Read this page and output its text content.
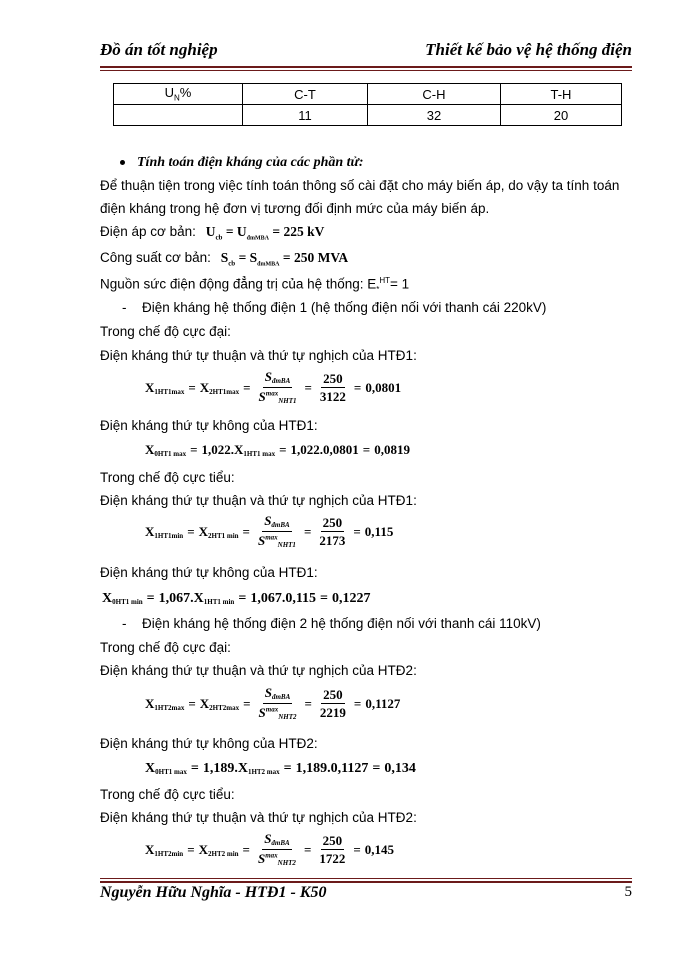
Đồ án tốt nghiệp	Thiết kế bảo vệ hệ thống điện
$U_N\%$	C-T	C-H	T-H
	11	32	20
Tính toán điện kháng của các phần tử:
Để thuận tiện trong việc tính toán thông số cài đặt cho máy biến áp, do vậy ta tính toán
điện kháng trong hệ đơn vị tương đối định mức của máy biến áp.
Điện áp cơ bản: $U_{cb} = U_{đmMBA} = 225$ kV
Công suất cơ bản: $S_{cb} = S_{đmMBA} = 250$ MVA
Nguồn sức điện động đẳng trị của hệ thống: $E_*^{HT}= 1$
- Điện kháng hệ thống điện 1 (hệ thống điện nối với thanh cái 220kV)
Trong chế độ cực đại:
Điện kháng thứ tự thuận và thứ tự nghịch của HTĐ1:
$X_{1HT1max} = X_{2HT1max} = \frac{S_{đmBA}}{S^{max}_{NHT1}} = \frac{250}{3122} = 0,0801$
Điện kháng thứ tự không của HTĐ1:
$X_{0HT1 max} = 1,022$ $.X_{1HT1 max} = 1,022.0,0801 = 0,0819$
Trong chế độ cực tiểu:
Điện kháng thứ tự thuận và thứ tự nghịch của HTĐ1:
$X_{1HT1min} = X_{2HT1 min} = \frac{S_{đmBA}}{S^{max}_{NHT1}} = \frac{250}{2173} = 0,115$
Điện kháng thứ tự không của HTĐ1:
$X_{0HT1 min} = 1,067$ $.X_{1HT1 min} = 1,067.0,115 = 0,1227$
- Điện kháng hệ thống điện 2 hệ thống điện nối với thanh cái 110kV)
Trong chế độ cực đại:
Điện kháng thứ tự thuận và thứ tự nghịch của HTĐ2:
$X_{1HT2max} = X_{2HT2max} = \frac{S_{đmBA}}{S^{max}_{NHT2}} = \frac{250}{2219} = 0,1127$
Điện kháng thứ tự không của HTĐ2:
$X_{0HT1 max} = 1,189$ $.X_{1HT2 max} = 1,189.0,1127 = 0,134$
Trong chế độ cực tiểu:
Điện kháng thứ tự thuận và thứ tự nghịch của HTĐ2:
$X_{1HT2min} = X_{2HT2 min} = \frac{S_{đmBA}}{S^{max}_{NHT2}} = \frac{250}{1722} = 0,145$
Nguyễn Hữu Nghĩa - HTĐ1 - K50	5
